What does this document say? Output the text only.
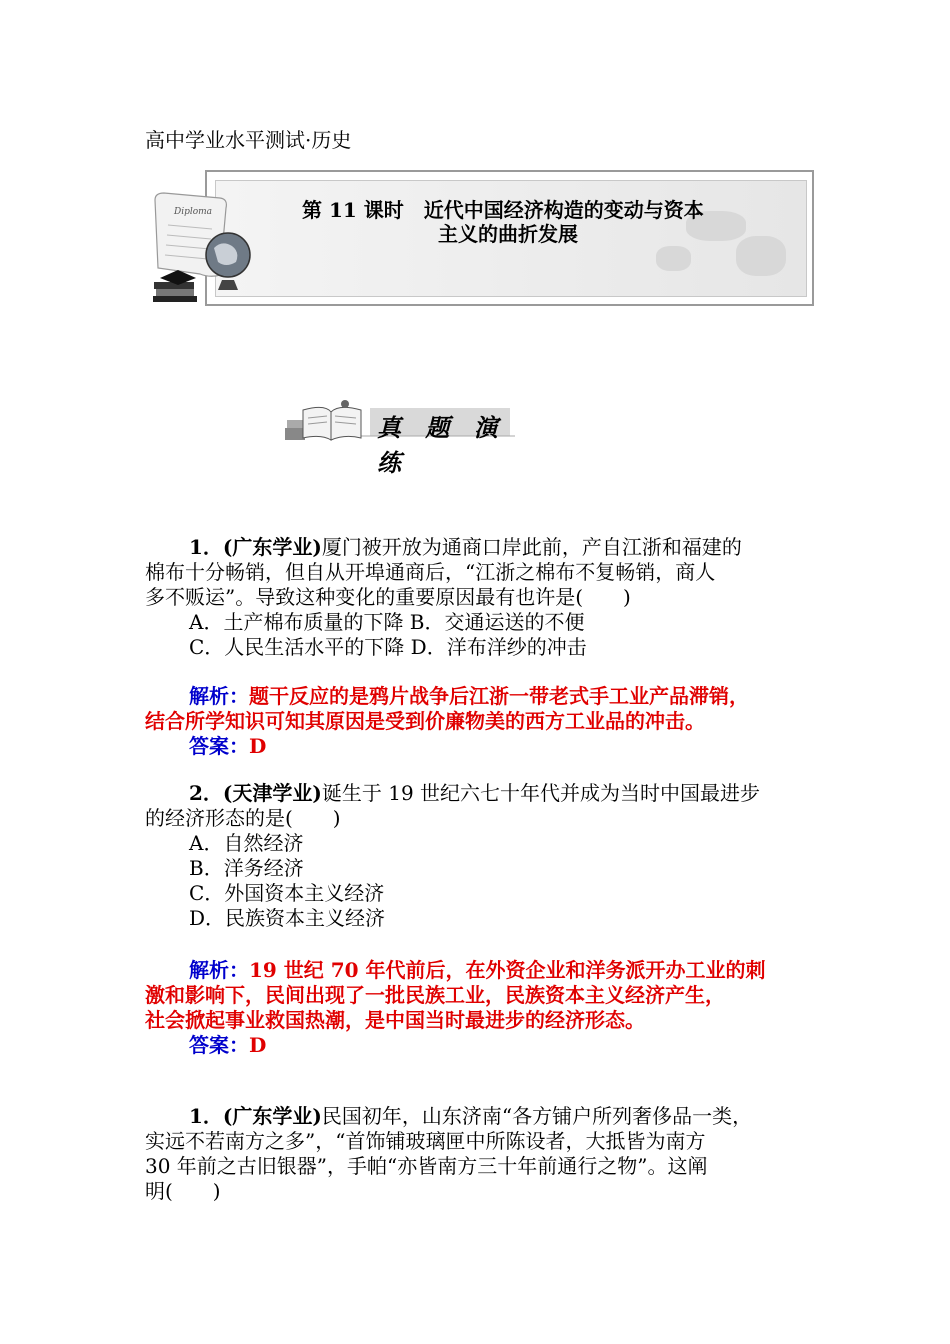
高中学业水平测试·历史
Diploma	第 11 课时　近代中国经济构造的变动与资本
主义的曲折发展
真 题 演 练
1．(广东学业)厦门被开放为通商口岸此前，产自江浙和福建的
棉布十分畅销，但自从开埠通商后，“江浙之棉布不复畅销，商人
多不贩运”。导致这种变化的重要原因最有也许是(　　)
A．土产棉布质量的下降 B．交通运送的不便
C．人民生活水平的下降 D．洋布洋纱的冲击
解析：题干反应的是鸦片战争后江浙一带老式手工业产品滞销，
结合所学知识可知其原因是受到价廉物美的西方工业品的冲击。
答案：D
2．(天津学业)诞生于 19 世纪六七十年代并成为当时中国最进步
的经济形态的是(　　)
A．自然经济
B．洋务经济
C．外国资本主义经济
D．民族资本主义经济
解析：19 世纪 70 年代前后，在外资企业和洋务派开办工业的刺
激和影响下，民间出现了一批民族工业，民族资本主义经济产生，
社会掀起事业救国热潮，是中国当时最进步的经济形态。
答案：D
1．(广东学业)民国初年，山东济南“各方铺户所列奢侈品一类，
实远不若南方之多”，“首饰铺玻璃匣中所陈设者，大抵皆为南方
30 年前之古旧银器”，手帕“亦皆南方三十年前通行之物”。这阐
明(　　)
